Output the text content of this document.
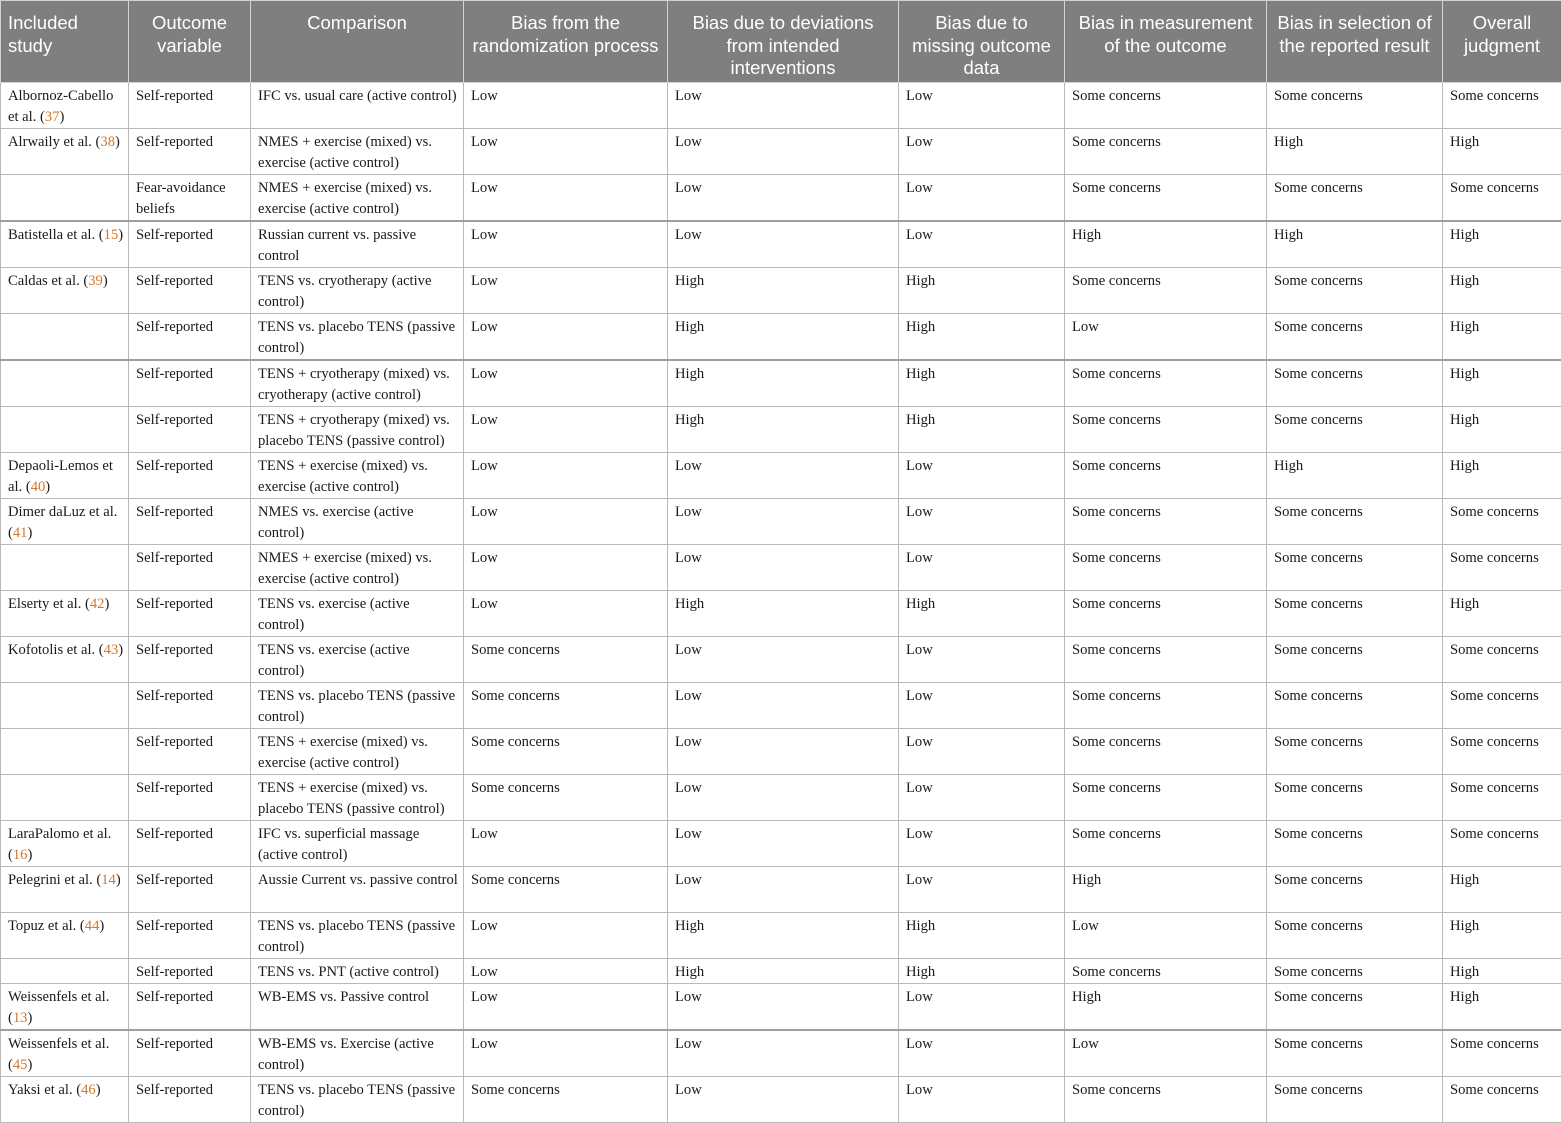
Included study	Outcome variable	Comparison	Bias from the randomization process	Bias due to deviations from intended interventions	Bias due to missing outcome data	Bias in measurement of the outcome	Bias in selection of the reported result	Overall judgment
Albornoz-Cabello et al. (37)	Self-reported	IFC vs. usual care (active control)	Low	Low	Low	Some concerns	Some concerns	Some concerns
Alrwaily et al. (38)	Self-reported	NMES + exercise (mixed) vs. exercise (active control)	Low	Low	Low	Some concerns	High	High
	Fear-avoidance beliefs	NMES + exercise (mixed) vs. exercise (active control)	Low	Low	Low	Some concerns	Some concerns	Some concerns
Batistella et al. (15)	Self-reported	Russian current vs. passive control	Low	Low	Low	High	High	High
Caldas et al. (39)	Self-reported	TENS vs. cryotherapy (active control)	Low	High	High	Some concerns	Some concerns	High
	Self-reported	TENS vs. placebo TENS (passive control)	Low	High	High	Low	Some concerns	High
	Self-reported	TENS + cryotherapy (mixed) vs. cryotherapy (active control)	Low	High	High	Some concerns	Some concerns	High
	Self-reported	TENS + cryotherapy (mixed) vs. placebo TENS (passive control)	Low	High	High	Some concerns	Some concerns	High
Depaoli-Lemos et al. (40)	Self-reported	TENS + exercise (mixed) vs. exercise (active control)	Low	Low	Low	Some concerns	High	High
Dimer daLuz et al. (41)	Self-reported	NMES vs. exercise (active control)	Low	Low	Low	Some concerns	Some concerns	Some concerns
	Self-reported	NMES + exercise (mixed) vs. exercise (active control)	Low	Low	Low	Some concerns	Some concerns	Some concerns
Elserty et al. (42)	Self-reported	TENS vs. exercise (active control)	Low	High	High	Some concerns	Some concerns	High
Kofotolis et al. (43)	Self-reported	TENS vs. exercise (active control)	Some concerns	Low	Low	Some concerns	Some concerns	Some concerns
	Self-reported	TENS vs. placebo TENS (passive control)	Some concerns	Low	Low	Some concerns	Some concerns	Some concerns
	Self-reported	TENS + exercise (mixed) vs. exercise (active control)	Some concerns	Low	Low	Some concerns	Some concerns	Some concerns
	Self-reported	TENS + exercise (mixed) vs. placebo TENS (passive control)	Some concerns	Low	Low	Some concerns	Some concerns	Some concerns
LaraPalomo et al. (16)	Self-reported	IFC vs. superficial massage (active control)	Low	Low	Low	Some concerns	Some concerns	Some concerns
Pelegrini et al. (14)	Self-reported	Aussie Current vs. passive control	Some concerns	Low	Low	High	Some concerns	High
Topuz et al. (44)	Self-reported	TENS vs. placebo TENS (passive control)	Low	High	High	Low	Some concerns	High
	Self-reported	TENS vs. PNT (active control)	Low	High	High	Some concerns	Some concerns	High
Weissenfels et al. (13)	Self-reported	WB-EMS vs. Passive control	Low	Low	Low	High	Some concerns	High
Weissenfels et al. (45)	Self-reported	WB-EMS vs. Exercise (active control)	Low	Low	Low	Low	Some concerns	Some concerns
Yaksi et al. (46)	Self-reported	TENS vs. placebo TENS (passive control)	Some concerns	Low	Low	Some concerns	Some concerns	Some concerns
